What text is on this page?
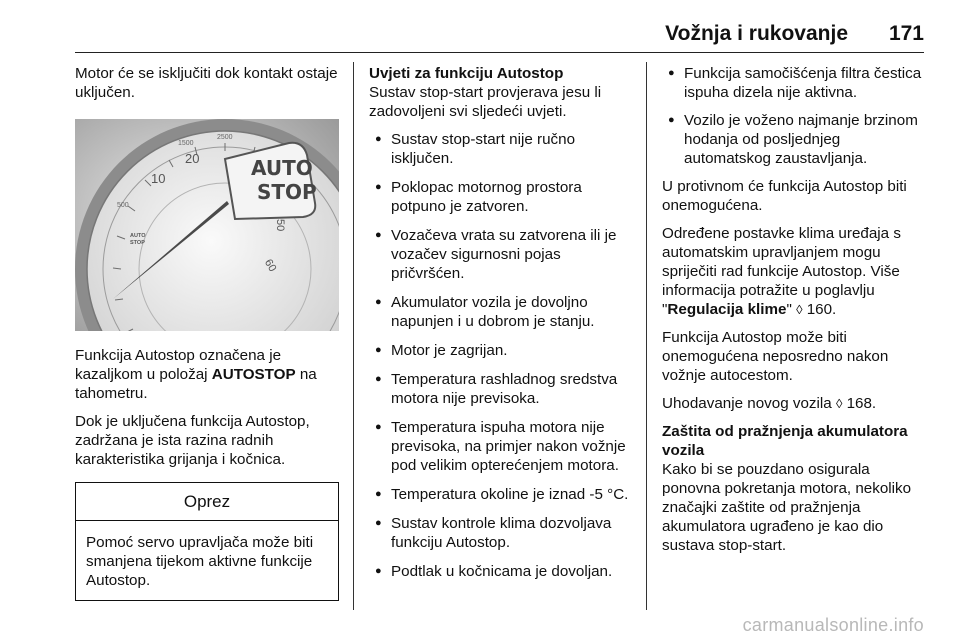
Vožnja i rukovanje 171

Motor će se isključiti dok kontakt ostaje uključen.

1500
2500
20
10
500
50
60
AUTO
STOP
AUTO
STOP

Funkcija Autostop označena je kazaljkom u položaj AUTOSTOP na tahometru.

Dok je uključena funkcija Autostop, zadržana je ista razina radnih karakteristika grijanja i kočnica.

Oprez
Pomoć servo upravljača može biti smanjena tijekom aktivne funkcije Autostop.

Uvjeti za funkciju Autostop

Sustav stop-start provjerava jesu li zadovoljeni svi sljedeći uvjeti.

● Sustav stop-start nije ručno isključen.
● Poklopac motornog prostora potpuno je zatvoren.
● Vozačeva vrata su zatvorena ili je vozačev sigurnosni pojas pričvršćen.
● Akumulator vozila je dovoljno napunjen i u dobrom je stanju.
● Motor je zagrijan.
● Temperatura rashladnog sredstva motora nije previsoka.
● Temperatura ispuha motora nije previsoka, na primjer nakon vožnje pod velikim opterećenjem motora.
● Temperatura okoline je iznad -5 °C.
● Sustav kontrole klima dozvoljava funkciju Autostop.
● Podtlak u kočnicama je dovoljan.
● Funkcija samočišćenja filtra čestica ispuha dizela nije aktivna.
● Vozilo je voženo najmanje brzinom hodanja od posljednjeg automatskog zaustavljanja.

U protivnom će funkcija Autostop biti onemogućena.

Određene postavke klima uređaja s automatskim upravljanjem mogu spriječiti rad funkcije Autostop. Više informacija potražite u poglavlju "Regulacija klime" ◊ 160.

Funkcija Autostop može biti onemogućena neposredno nakon vožnje autocestom.

Uhodavanje novog vozila ◊ 168.

Zaštita od pražnjenja akumulatora vozila

Kako bi se pouzdano osigurala ponovna pokretanja motora, nekoliko značajki zaštite od pražnjenja akumulatora ugrađeno je kao dio sustava stop-start.

carmanualsonline.info
